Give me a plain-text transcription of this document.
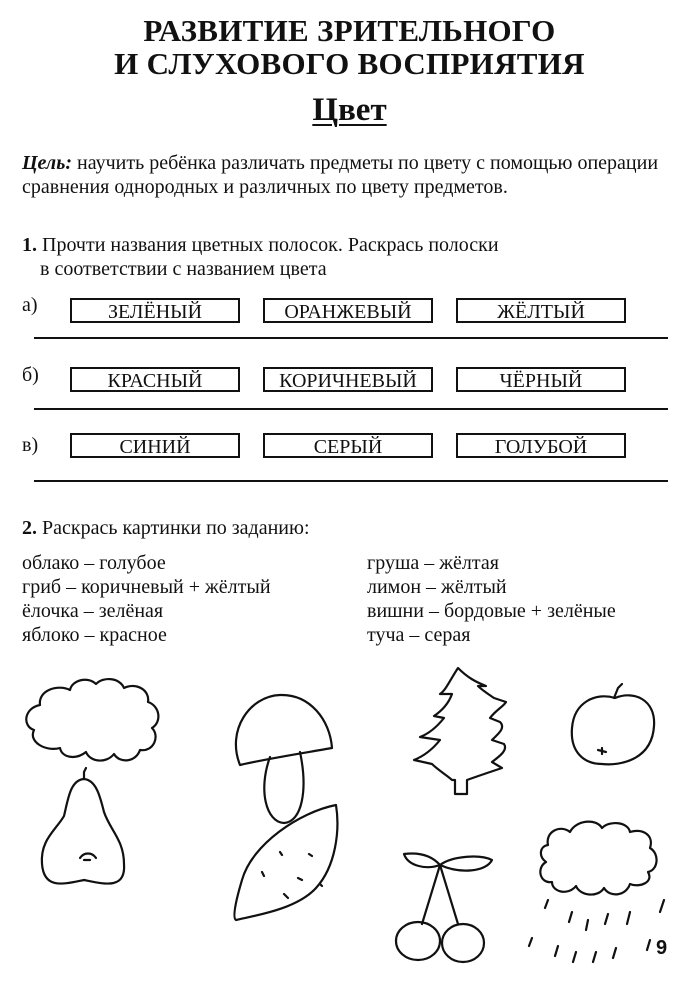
РАЗВИТИЕ ЗРИТЕЛЬНОГО
И СЛУХОВОГО ВОСПРИЯТИЯ
Цвет
Цель: научить ребёнка различать предметы по цвету с помощью операции сравнения однородных и различных по цвету предметов.
1. Прочти названия цветных полосок. Раскрась полоски
в соответствии с названием цвета
а)	ЗЕЛЁНЫЙ	ОРАНЖЕВЫЙ	ЖЁЛТЫЙ
б)	КРАСНЫЙ	КОРИЧНЕВЫЙ	ЧЁРНЫЙ
в)	СИНИЙ	СЕРЫЙ	ГОЛУБОЙ
2. Раскрась картинки по заданию:
облако – голубое
гриб – коричневый + жёлтый
ёлочка – зелёная
яблоко – красное
груша – жёлтая
лимон – жёлтый
вишни – бордовые + зелёные
туча – серая
9
